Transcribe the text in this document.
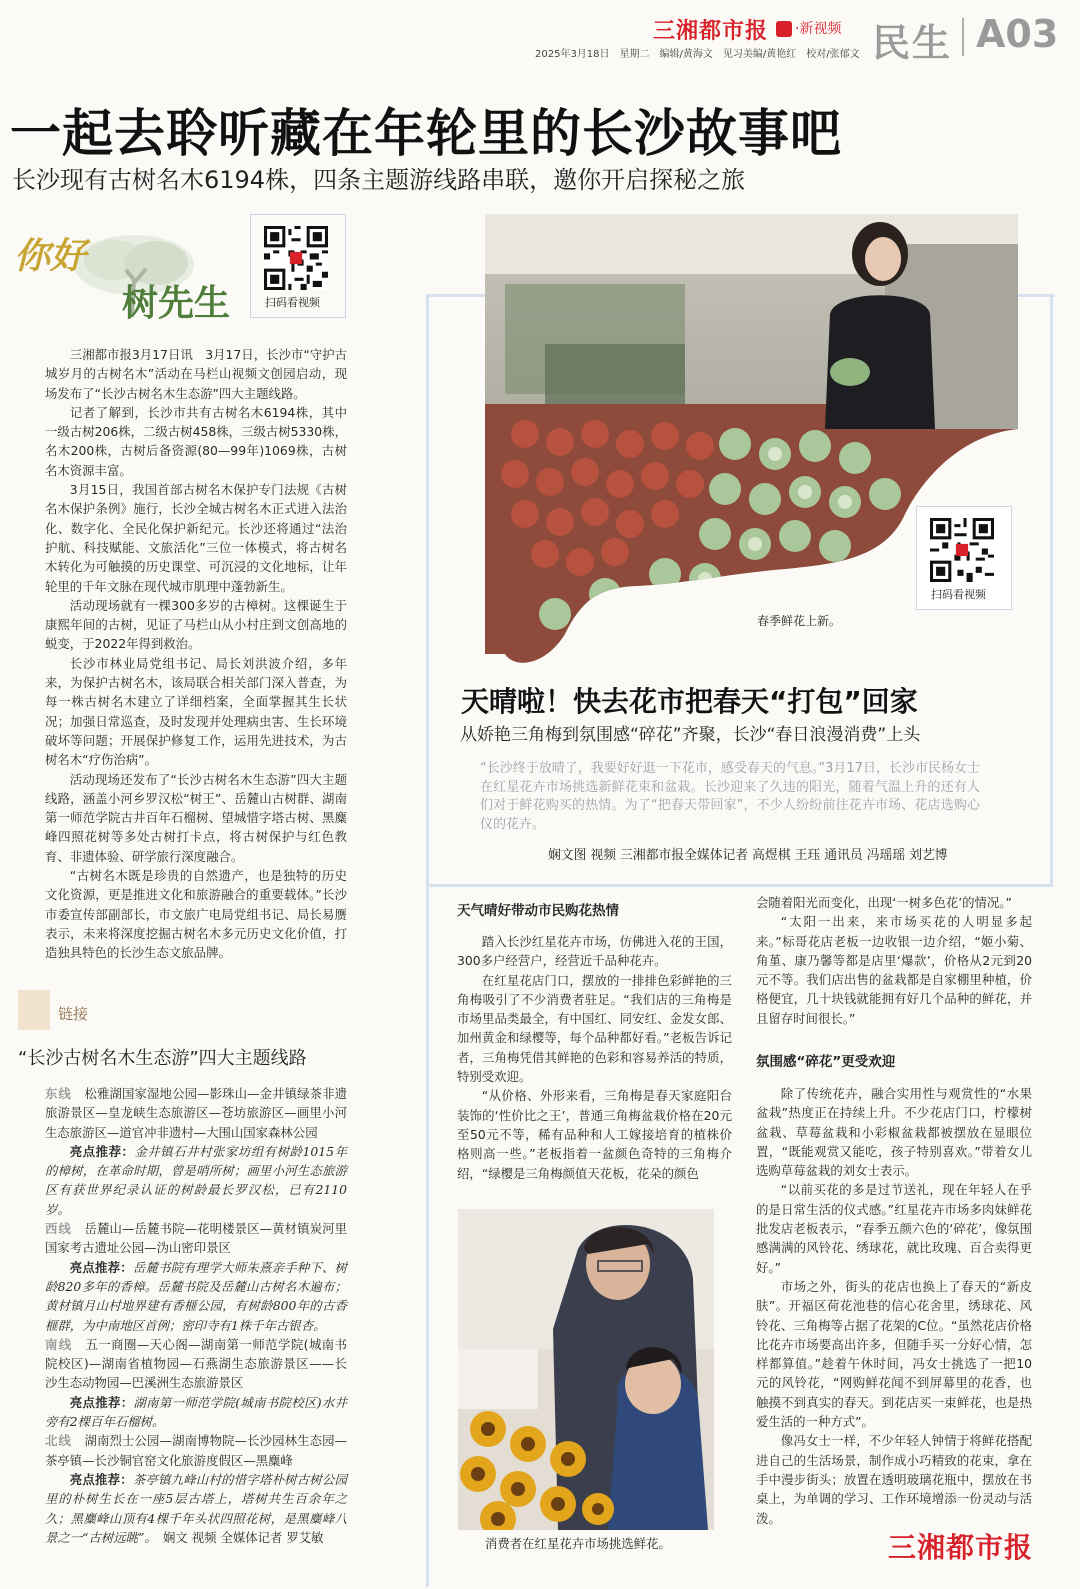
三湘都市报	·新视频
2025年3月18日　星期二　编辑/黄海文　见习美编/黄艳红　校对/张郁文 民生 A03
一起去聆听藏在年轮里的长沙故事吧
长沙现有古树名木6194株，四条主题游线路串联，邀你开启探秘之旅
你好
树先生	扫码看视频

三湘都市报3月17日讯　3月17日，长沙市“守护古城岁月的古树名木”活动在马栏山视频文创园启动，现场发布了“长沙古树名木生态游”四大主题线路。

记者了解到，长沙市共有古树名木6194株，其中一级古树206株，二级古树458株，三级古树5330株，名木200株，古树后备资源(80—99年)1069株，古树名木资源丰富。

3月15日，我国首部古树名木保护专门法规《古树名木保护条例》施行，长沙全城古树名木正式进入法治化、数字化、全民化保护新纪元。长沙还将通过“法治护航、科技赋能、文旅活化”三位一体模式，将古树名木转化为可触摸的历史课堂、可沉浸的文化地标，让年轮里的千年文脉在现代城市肌理中蓬勃新生。

活动现场就有一棵300多岁的古樟树。这棵诞生于康熙年间的古树，见证了马栏山从小村庄到文创高地的蜕变，于2022年得到救治。

长沙市林业局党组书记、局长刘洪波介绍，多年来，为保护古树名木，该局联合相关部门深入普查，为每一株古树名木建立了详细档案，全面掌握其生长状况；加强日常巡查，及时发现并处理病虫害、生长环境破坏等问题；开展保护修复工作，运用先进技术，为古树名木“疗伤治病”。

活动现场还发布了“长沙古树名木生态游”四大主题线路，涵盖小河乡罗汉松“树王”、岳麓山古树群、湖南第一师范学院古井百年石榴树、望城惜字塔古树、黑麋峰四照花树等多处古树打卡点，将古树保护与红色教育、非遗体验、研学旅行深度融合。

“古树名木既是珍贵的自然遗产，也是独特的历史文化资源，更是推进文化和旅游融合的重要载体。”长沙市委宣传部副部长，市文旅广电局党组书记、局长易赝表示，未来将深度挖掘古树名木多元历史文化价值，打造独具特色的长沙生态文旅品牌。

链接
“长沙古树名木生态游”四大主题线路

东线　 松雅湖国家湿地公园—影珠山—金井镇绿茶非遗旅游景区—皇龙峡生态旅游区—苍坊旅游区—画里小河生态旅游区—道官冲非遗村—大围山国家森林公园

亮点推荐：金井镇石井村张家坊组有树龄1015年的樟树，在革命时期，曾是哨所树；画里小河生态旅游区有获世界纪录认证的树龄最长罗汉松，已有2110岁。

西线　 岳麓山—岳麓书院—花明楼景区—黄材镇炭河里国家考古遗址公园—沩山密印景区

亮点推荐：岳麓书院有理学大师朱熹亲手种下、树龄820多年的香樟。岳麓书院及岳麓山古树名木遍布；黄材镇月山村地界建有香榧公园，有树龄800年的古香榧群，为中南地区首例；密印寺有1株千年古银杏。

南线　 五一商圈—天心阁—湖南第一师范学院(城南书院校区)—湖南省植物园—石燕湖生态旅游景区——长沙生态动物园—巴溪洲生态旅游景区

亮点推荐：湖南第一师范学院(城南书院校区)水井旁有2棵百年石榴树。

北线　 湖南烈士公园—湖南博物院—长沙园林生态园—茶亭镇—长沙铜官窑文化旅游度假区—黑麋峰

亮点推荐：茶亭镇九峰山村的惜字塔朴树古树公园里的朴树生长在一座5层古塔上，塔树共生百余年之久；黑麋峰山顶有4棵千年头状四照花树，是黑麋峰八景之一“古树远眺”。　娴文 视频 全媒体记者 罗艾敏

扫码看视频
春季鲜花上新。
天晴啦！快去花市把春天“打包”回家
从娇艳三角梅到氛围感“碎花”齐聚，长沙“春日浪漫消费”上头
“长沙终于放晴了，我要好好逛一下花市，感受春天的气息。”3月17日，长沙市民杨女士在红星花卉市场挑选新鲜花束和盆栽。长沙迎来了久违的阳光，随着气温上升的还有人们对于鲜花购买的热情。为了“把春天带回家”，不少人纷纷前往花卉市场、花店选购心仪的花卉。
娴文图 视频 三湘都市报全媒体记者 高煜棋 王珏 通讯员 冯瑶瑶 刘艺博
天气晴好带动市民购花热情

踏入长沙红星花卉市场，仿佛进入花的王国，300多户经营户，经营近千品种花卉。

在红星花店门口，摆放的一排排色彩鲜艳的三角梅吸引了不少消费者驻足。“我们店的三角梅是市场里品类最全，有中国红、同安红、金发女郎、加州黄金和绿樱等，每个品种都好看。”老板告诉记者，三角梅凭借其鲜艳的色彩和容易养活的特质，特别受欢迎。

“从价格、外形来看，三角梅是春天家庭阳台装饰的‘性价比之王’，普通三角梅盆栽价格在20元至50元不等，稀有品种和人工嫁接培育的植株价格则高一些。”老板指着一盆颜色奇特的三角梅介绍，“绿樱是三角梅颜值天花板，花朵的颜色

会随着阳光而变化，出现‘一树多色花’的情况。”

“太阳一出来，来市场买花的人明显多起来。”标哥花店老板一边收银一边介绍，“姬小菊、角堇、康乃馨等都是店里‘爆款’，价格从2元到20元不等。我们店出售的盆栽都是自家棚里种植，价格便宜，几十块钱就能拥有好几个品种的鲜花，并且留存时间很长。”

氛围感“碎花”更受欢迎

除了传统花卉，融合实用性与观赏性的“水果盆栽”热度正在持续上升。不少花店门口，柠檬树盆栽、草莓盆栽和小彩椒盆栽都被摆放在显眼位置，“既能观赏又能吃，孩子特别喜欢。”带着女儿选购草莓盆栽的刘女士表示。

“以前买花的多是过节送礼，现在年轻人在乎的是日常生活的仪式感。”红星花卉市场多肉妹鲜花批发店老板表示，“春季五颜六色的‘碎花’，像氛围感满满的风铃花、绣球花，就比玫瑰、百合卖得更好。”

市场之外，街头的花店也换上了春天的“新皮肤”。开福区荷花池巷的信心花舍里，绣球花、风铃花、三角梅等占据了花架的C位。“虽然花店价格比花卉市场要高出许多，但随手买一分好心情，怎样都算值。”趁着午休时间，冯女士挑选了一把10元的风铃花，“网购鲜花闻不到屏幕里的花香，也触摸不到真实的春天。到花店买一束鲜花，也是热爱生活的一种方式”。

像冯女士一样，不少年轻人钟情于将鲜花搭配进自己的生活场景，制作成小巧精致的花束，拿在手中漫步街头；放置在透明玻璃花瓶中，摆放在书桌上，为单调的学习、工作环境增添一份灵动与活泼。

消费者在红星花卉市场挑选鲜花。	三湘都市报
